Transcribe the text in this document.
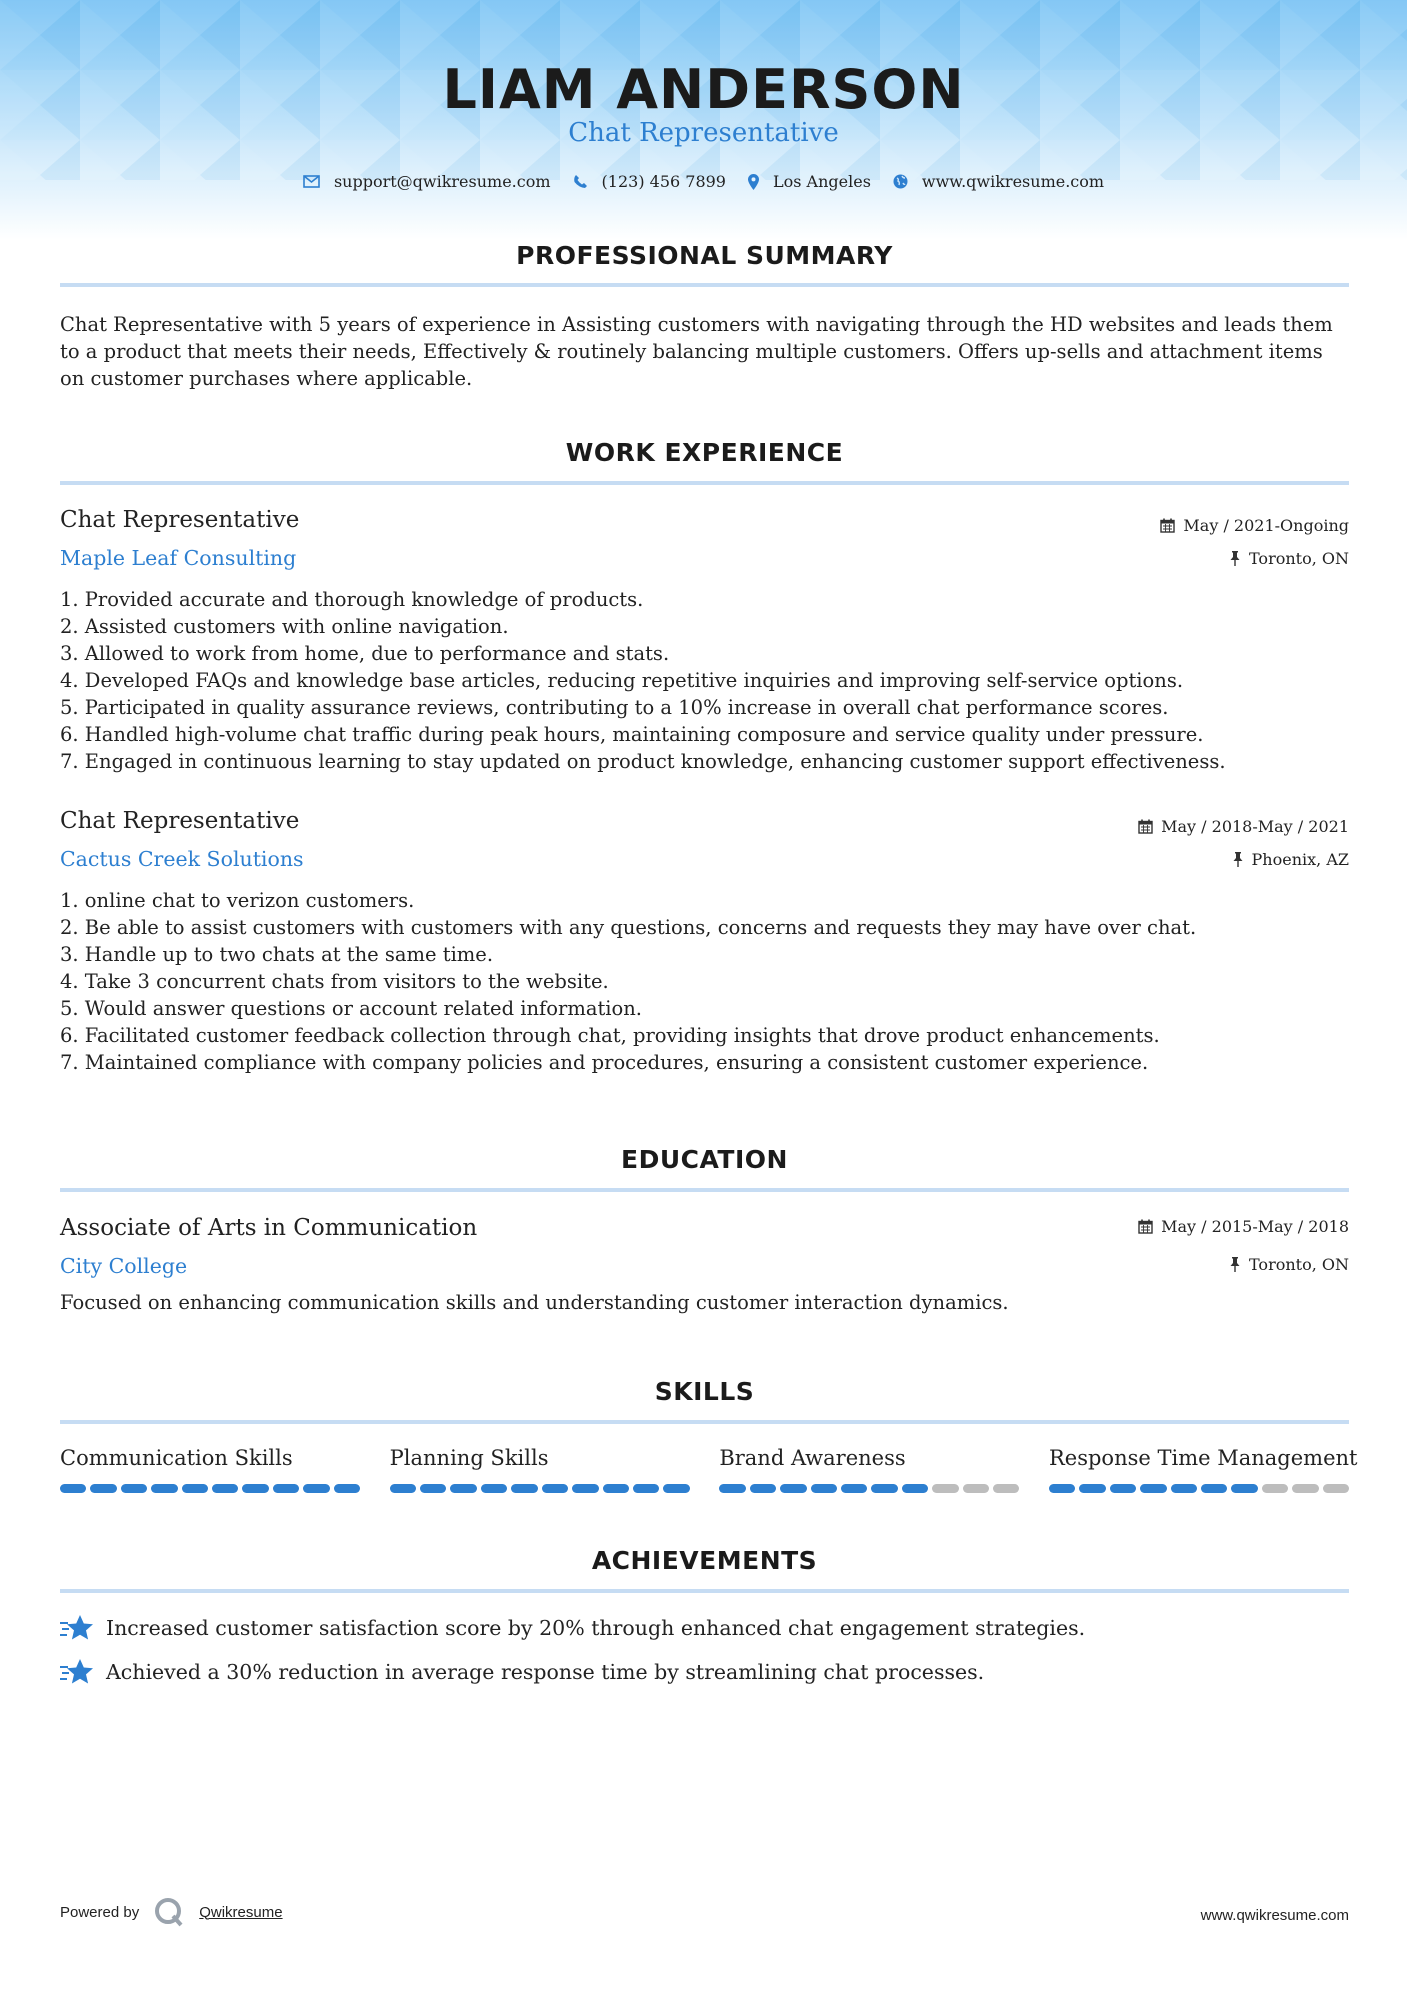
LIAM ANDERSON
Chat Representative
support@qwikresume.com	(123) 456 7899	Los Angeles	www.qwikresume.com
PROFESSIONAL SUMMARY
Chat Representative with 5 years of experience in Assisting customers with navigating through the HD websites and leads them to a product that meets their needs, Effectively & routinely balancing multiple customers. Offers up-sells and attachment items on customer purchases where applicable.
WORK EXPERIENCE
Chat Representative
Maple Leaf Consulting
May / 2021-Ongoing
Toronto, ON
1. Provided accurate and thorough knowledge of products.
2. Assisted customers with online navigation.
3. Allowed to work from home, due to performance and stats.
4. Developed FAQs and knowledge base articles, reducing repetitive inquiries and improving self-service options.
5. Participated in quality assurance reviews, contributing to a 10% increase in overall chat performance scores.
6. Handled high-volume chat traffic during peak hours, maintaining composure and service quality under pressure.
7. Engaged in continuous learning to stay updated on product knowledge, enhancing customer support effectiveness.
Chat Representative
Cactus Creek Solutions
May / 2018-May / 2021
Phoenix, AZ
1. online chat to verizon customers.
2. Be able to assist customers with customers with any questions, concerns and requests they may have over chat.
3. Handle up to two chats at the same time.
4. Take 3 concurrent chats from visitors to the website.
5. Would answer questions or account related information.
6. Facilitated customer feedback collection through chat, providing insights that drove product enhancements.
7. Maintained compliance with company policies and procedures, ensuring a consistent customer experience.
EDUCATION
Associate of Arts in Communication
City College
May / 2015-May / 2018
Toronto, ON
Focused on enhancing communication skills and understanding customer interaction dynamics.
SKILLS
Communication Skills	Planning Skills	Brand Awareness	Response Time Management
ACHIEVEMENTS
Increased customer satisfaction score by 20% through enhanced chat engagement strategies.
Achieved a 30% reduction in average response time by streamlining chat processes.
Powered by	Qwikresume	www.qwikresume.com
